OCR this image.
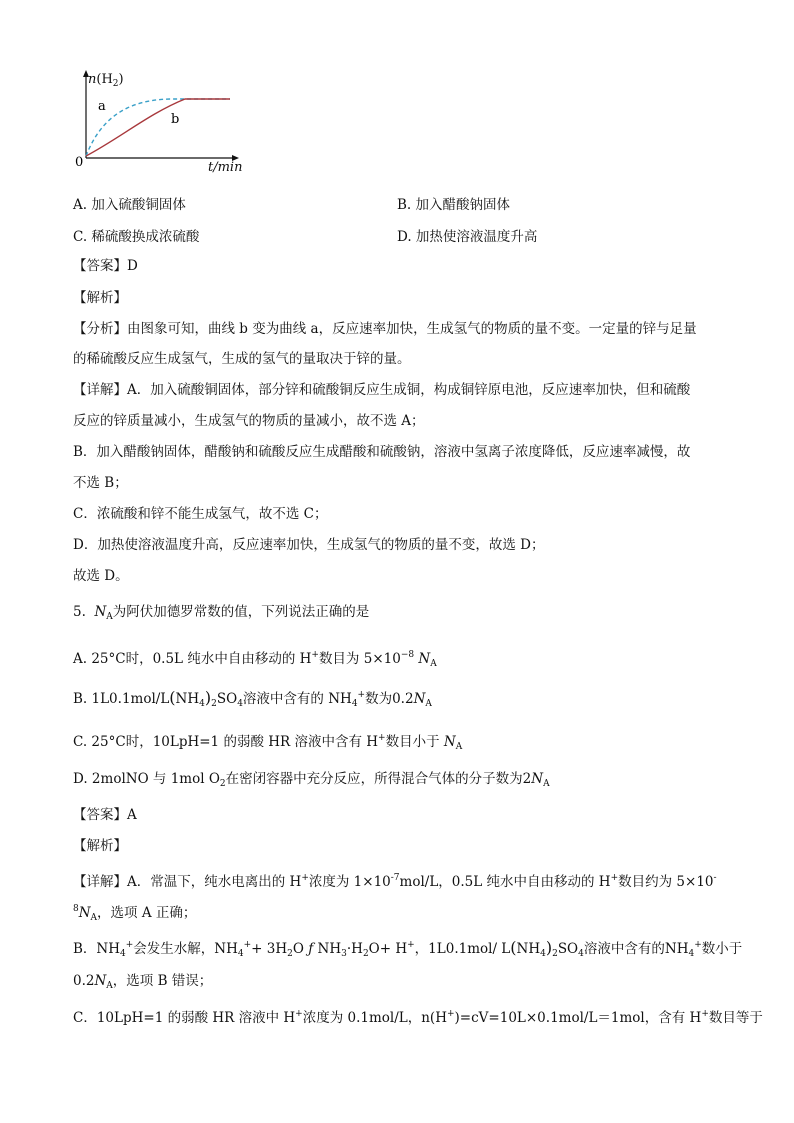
a
b
0
$n(H_2)$
t/min
A. 加入硫酸铜固体	B. 加入醋酸钠固体
C. 稀硫酸换成浓硫酸	D. 加热使溶液温度升高
【答案】D
【解析】
【分析】由图象可知，曲线 b 变为曲线 a，反应速率加快，生成氢气的物质的量不变。一定量的锌与足量
的稀硫酸反应生成氢气，生成的氢气的量取决于锌的量。
【详解】A．加入硫酸铜固体，部分锌和硫酸铜反应生成铜，构成铜锌原电池，反应速率加快，但和硫酸
反应的锌质量减小，生成氢气的物质的量减小，故不选 A；
B．加入醋酸钠固体，醋酸钠和硫酸反应生成醋酸和硫酸钠，溶液中氢离子浓度降低，反应速率减慢，故
不选 B；
C．浓硫酸和锌不能生成氢气，故不选 C；
D．加热使溶液温度升高，反应速率加快，生成氢气的物质的量不变，故选 D；
故选 D。
5. $N_A$为阿伏加德罗常数的值，下列说法正确的是
A. 25°C时，0.5L 纯水中自由移动的 H+数目为 $5\times 10^{-8}$ $N_A$
B. $1L0.1mol/L(NH_4)_2SO_4$溶液中含有的 $NH_4^+$数为$0.2N_A$
C. 25°C时，10LpH=1 的弱酸 HR 溶液中含有 H+数目小于 $N_A$
D. 2molNO 与 1mol $O_2$在密闭容器中充分反应，所得混合气体的分子数为$2N_A$
【答案】A
【解析】
【详解】A．常温下，纯水电离出的 H+浓度为 $1\times 10^{-7}mol/L$，0.5L 纯水中自由移动的 H+数目约为 5×10-
$^8N_A$，选项 A 正确；
B．$NH_4^+$会发生水解，$NH_4^++ 3H_2O$ ƒ $NH_3\cdot H_2O+ H^+$，1L0.1mol/ $L(NH_4)_2SO_4$溶液中含有的$NH_4^+$数小于
$0.2N_A$，选项 B 错误；
C．10LpH=1 的弱酸 HR 溶液中 H+浓度为 0.1mol/L，n(H+)=cV=10L×0.1mol/L＝1mol，含有 H+数目等于
